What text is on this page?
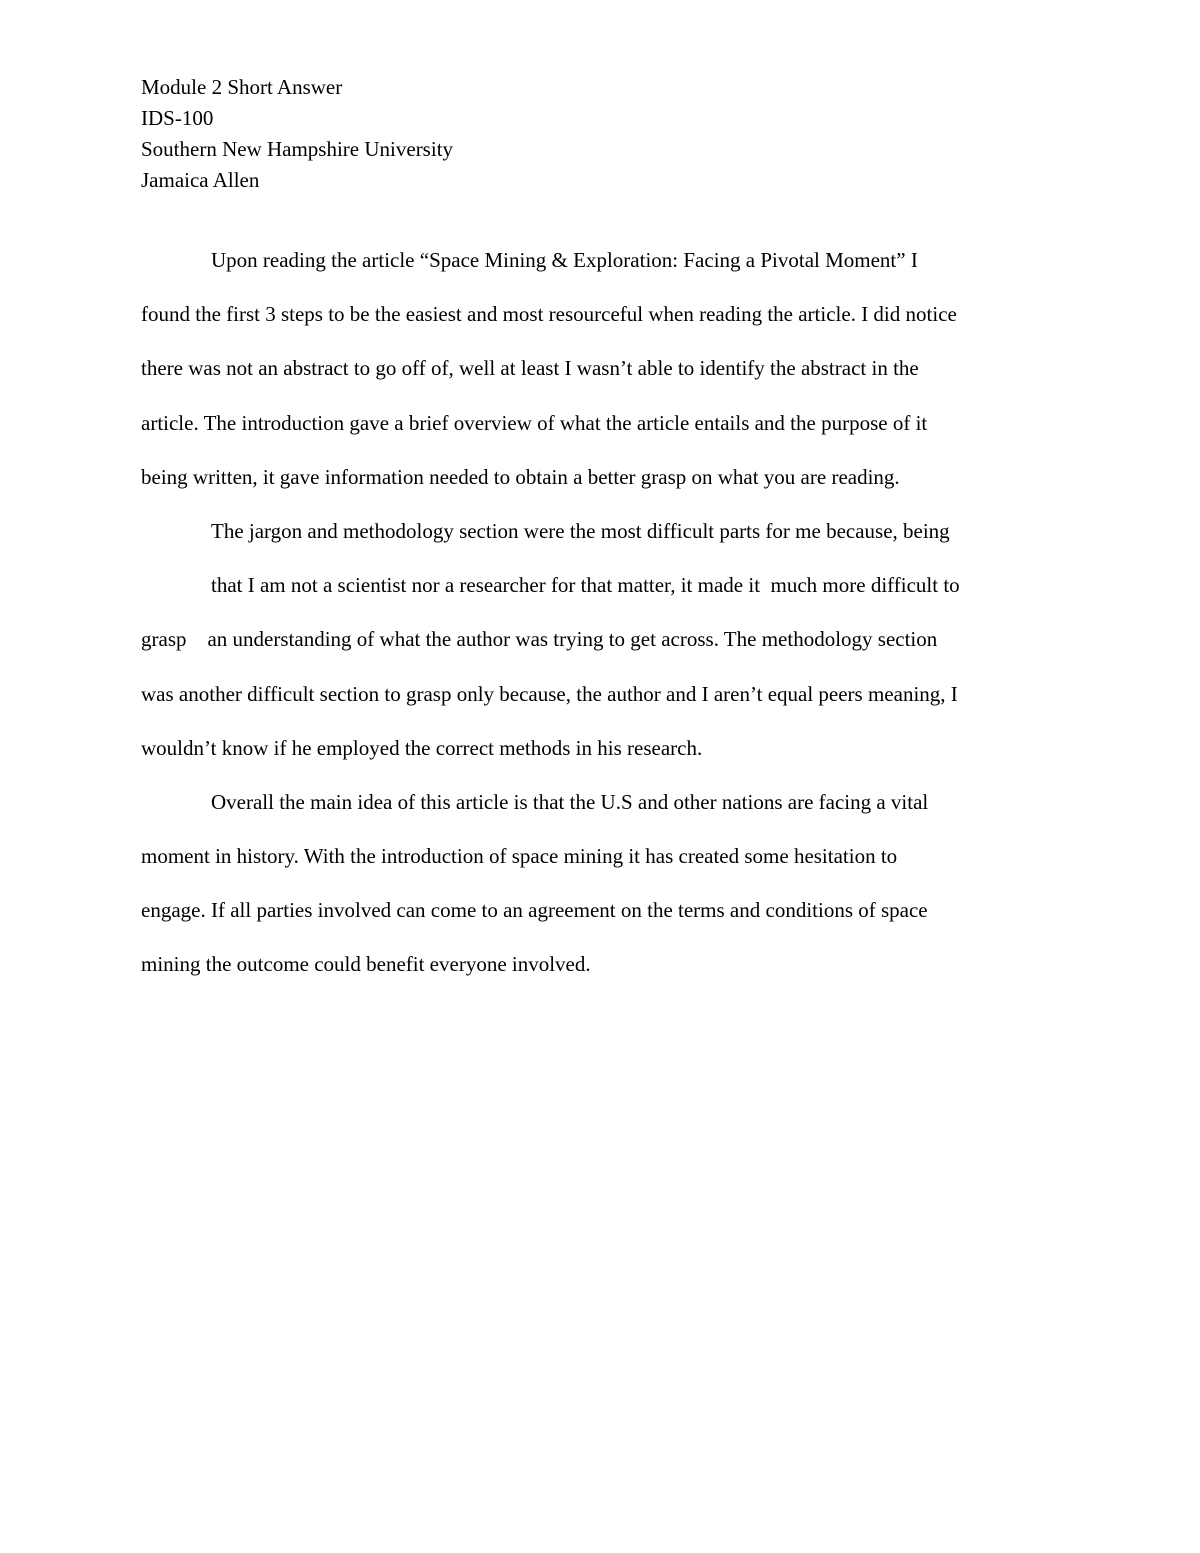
Module 2 Short Answer
IDS-100
Southern New Hampshire University
Jamaica Allen
Upon reading the article “Space Mining & Exploration: Facing a Pivotal Moment” I
found the first 3 steps to be the easiest and most resourceful when reading the article. I did notice
there was not an abstract to go off of, well at least I wasn’t able to identify the abstract in the
article. The introduction gave a brief overview of what the article entails and the purpose of it
being written, it gave information needed to obtain a better grasp on what you are reading.
The jargon and methodology section were the most difficult parts for me because, being
that I am not a scientist nor a researcher for that matter, it made it  much more difficult to
grasp    an understanding of what the author was trying to get across. The methodology section
was another difficult section to grasp only because, the author and I aren’t equal peers meaning, I
wouldn’t know if he employed the correct methods in his research.
Overall the main idea of this article is that the U.S and other nations are facing a vital
moment in history. With the introduction of space mining it has created some hesitation to
engage. If all parties involved can come to an agreement on the terms and conditions of space
mining the outcome could benefit everyone involved.
